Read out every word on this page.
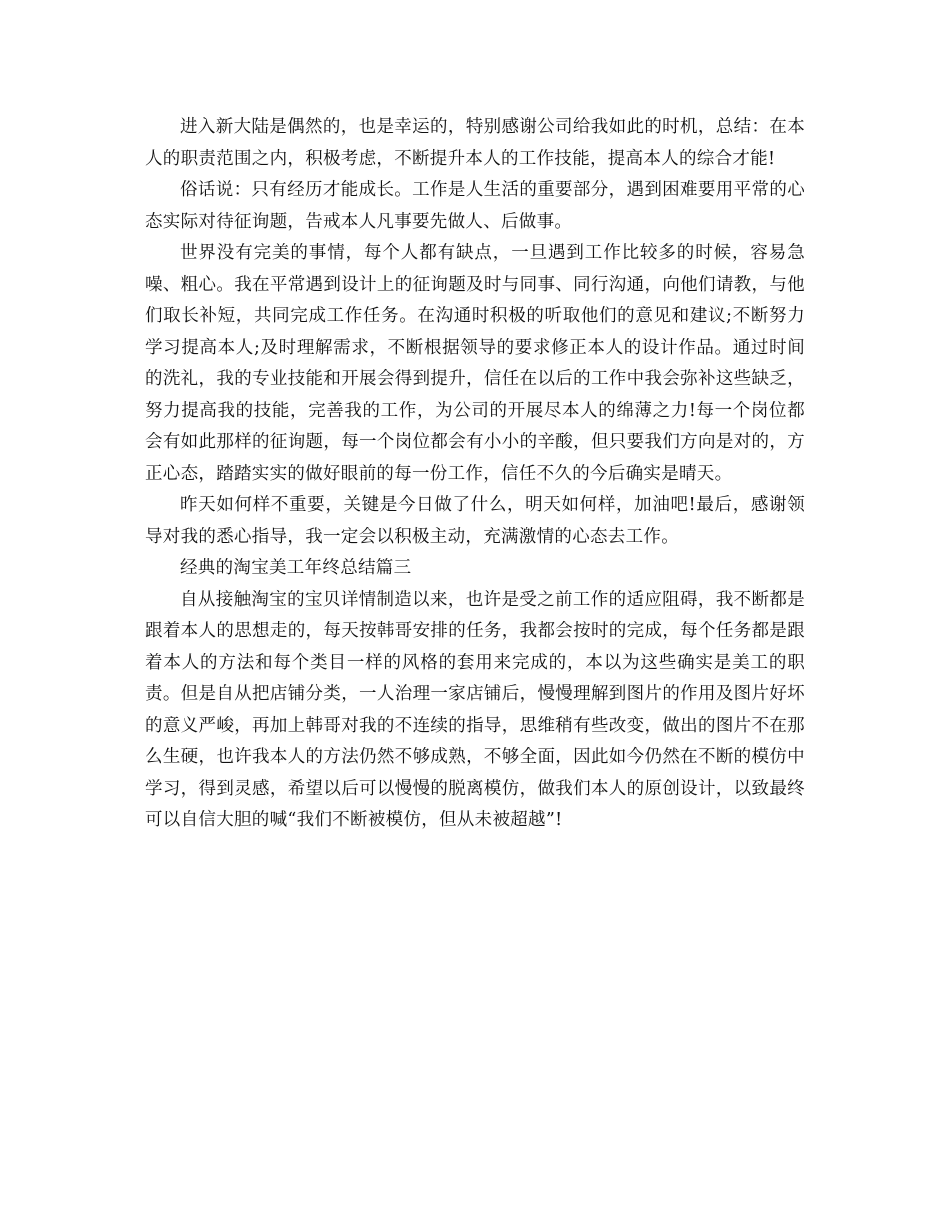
进入新大陆是偶然的，也是幸运的，特别感谢公司给我如此的时机，总结：在本人的职责范围之内，积极考虑，不断提升本人的工作技能，提高本人的综合才能!

俗话说：只有经历才能成长。工作是人生活的重要部分，遇到困难要用平常的心态实际对待征询题，告戒本人凡事要先做人、后做事。

世界没有完美的事情，每个人都有缺点，一旦遇到工作比较多的时候，容易急噪、粗心。我在平常遇到设计上的征询题及时与同事、同行沟通，向他们请教，与他们取长补短，共同完成工作任务。在沟通时积极的听取他们的意见和建议;不断努力学习提高本人;及时理解需求，不断根据领导的要求修正本人的设计作品。通过时间的洗礼，我的专业技能和开展会得到提升，信任在以后的工作中我会弥补这些缺乏，努力提高我的技能，完善我的工作，为公司的开展尽本人的绵薄之力!每一个岗位都会有如此那样的征询题，每一个岗位都会有小小的辛酸，但只要我们方向是对的，方正心态，踏踏实实的做好眼前的每一份工作，信任不久的今后确实是晴天。

昨天如何样不重要，关键是今日做了什么，明天如何样，加油吧!最后，感谢领导对我的悉心指导，我一定会以积极主动，充满激情的心态去工作。

经典的淘宝美工年终总结篇三

自从接触淘宝的宝贝详情制造以来，也许是受之前工作的适应阻碍，我不断都是跟着本人的思想走的，每天按韩哥安排的任务，我都会按时的完成，每个任务都是跟着本人的方法和每个类目一样的风格的套用来完成的，本以为这些确实是美工的职责。但是自从把店铺分类，一人治理一家店铺后，慢慢理解到图片的作用及图片好坏的意义严峻，再加上韩哥对我的不连续的指导，思维稍有些改变，做出的图片不在那么生硬，也许我本人的方法仍然不够成熟，不够全面，因此如今仍然在不断的模仿中学习，得到灵感，希望以后可以慢慢的脱离模仿，做我们本人的原创设计，以致最终可以自信大胆的喊“我们不断被模仿，但从未被超越”!
